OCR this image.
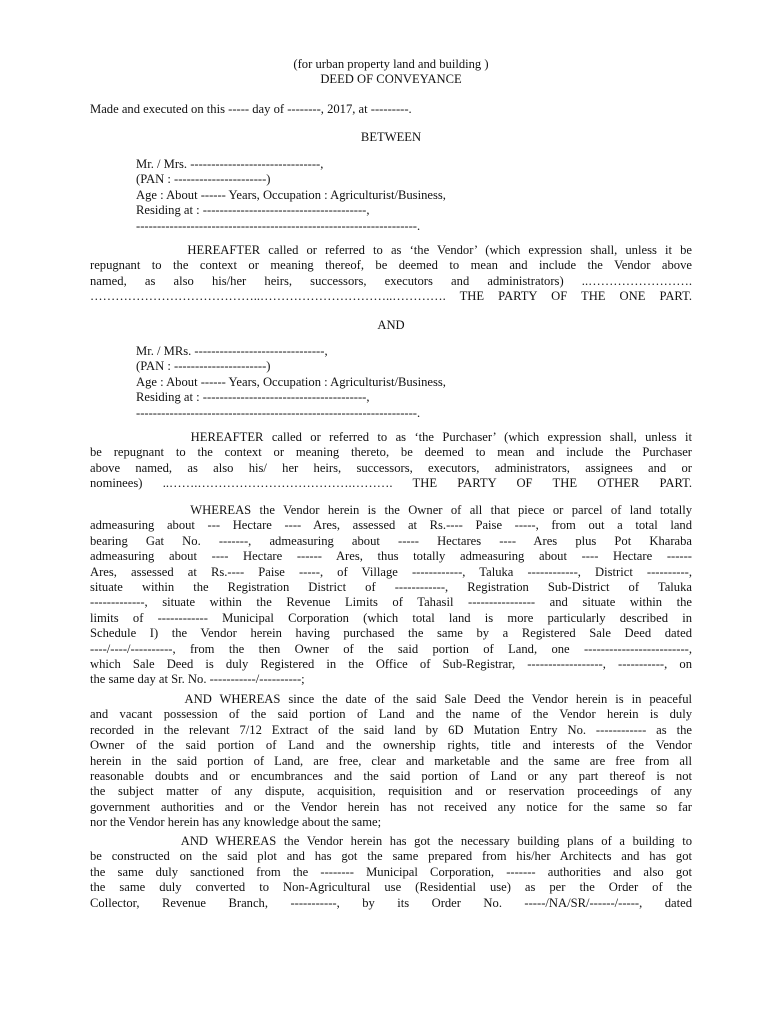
(for urban property land and building )
DEED OF CONVEYANCE
Made and executed on this ----- day of --------, 2017, at ---------.
BETWEEN
Mr. / Mrs. -------------------------------,
(PAN : ----------------------)
Age : About ------ Years, Occupation : Agriculturist/Business,
Residing at : ---------------------------------------,
-------------------------------------------------------------------.
HEREAFTER called or referred to as ‘the Vendor’ (which expression shall, unless it be
repugnant to the context or meaning thereof, be deemed to mean and include the Vendor above
named, as also his/her heirs, successors, executors and administrators) ..…………………….
…………………………………..…………………………..…………. THE PARTY OF THE ONE PART.
AND
Mr. / MRs. -------------------------------,
(PAN : ----------------------)
Age : About ------ Years, Occupation : Agriculturist/Business,
Residing at : ---------------------------------------,
-------------------------------------------------------------------.
HEREAFTER called or referred to as ‘the Purchaser’ (which expression shall, unless it
be repugnant to the context or meaning thereto, be deemed to mean and include the Purchaser
above named, as also his/ her heirs, successors, executors, administrators, assignees and or
nominees) ..…….……………………………….………. THE PARTY OF THE OTHER PART.
WHEREAS the Vendor herein is the Owner of all that piece or parcel of land totally
admeasuring about --- Hectare ---- Ares, assessed at Rs.---- Paise -----, from out a total land
bearing Gat No. -------, admeasuring about ----- Hectares ---- Ares plus Pot Kharaba
admeasuring about ---- Hectare ------ Ares, thus totally admeasuring about ---- Hectare ------
Ares, assessed at Rs.---- Paise -----, of Village ------------, Taluka ------------, District ----------,
situate within the Registration District of ------------, Registration Sub-District of Taluka
-------------, situate within the Revenue Limits of Tahasil ---------------- and situate within the
limits of ------------ Municipal Corporation (which total land is more particularly described in
Schedule I) the Vendor herein having purchased the same by a Registered Sale Deed dated
----/----/----------, from the then Owner of the said portion of Land, one -------------------------,
which Sale Deed is duly Registered in the Office of Sub-Registrar, ------------------, -----------, on
the same day at Sr. No. -----------/----------;
AND WHEREAS since the date of the said Sale Deed the Vendor herein is in peaceful
and vacant possession of the said portion of Land and the name of the Vendor herein is duly
recorded in the relevant 7/12 Extract of the said land by 6D Mutation Entry No. ------------ as the
Owner of the said portion of Land and the ownership rights, title and interests of the Vendor
herein in the said portion of Land, are free, clear and marketable and the same are free from all
reasonable doubts and or encumbrances and the said portion of Land or any part thereof is not
the subject matter of any dispute, acquisition, requisition and or reservation proceedings of any
government authorities and or the Vendor herein has not received any notice for the same so far
nor the Vendor herein has any knowledge about the same;
AND WHEREAS the Vendor herein has got the necessary building plans of a building to
be constructed on the said plot and has got the same prepared from his/her Architects and has got
the same duly sanctioned from the -------- Municipal Corporation, ------- authorities and also got
the same duly converted to Non-Agricultural use (Residential use) as per the Order of the
Collector, Revenue Branch, -----------, by its Order No. -----/NA/SR/------/-----, dated
